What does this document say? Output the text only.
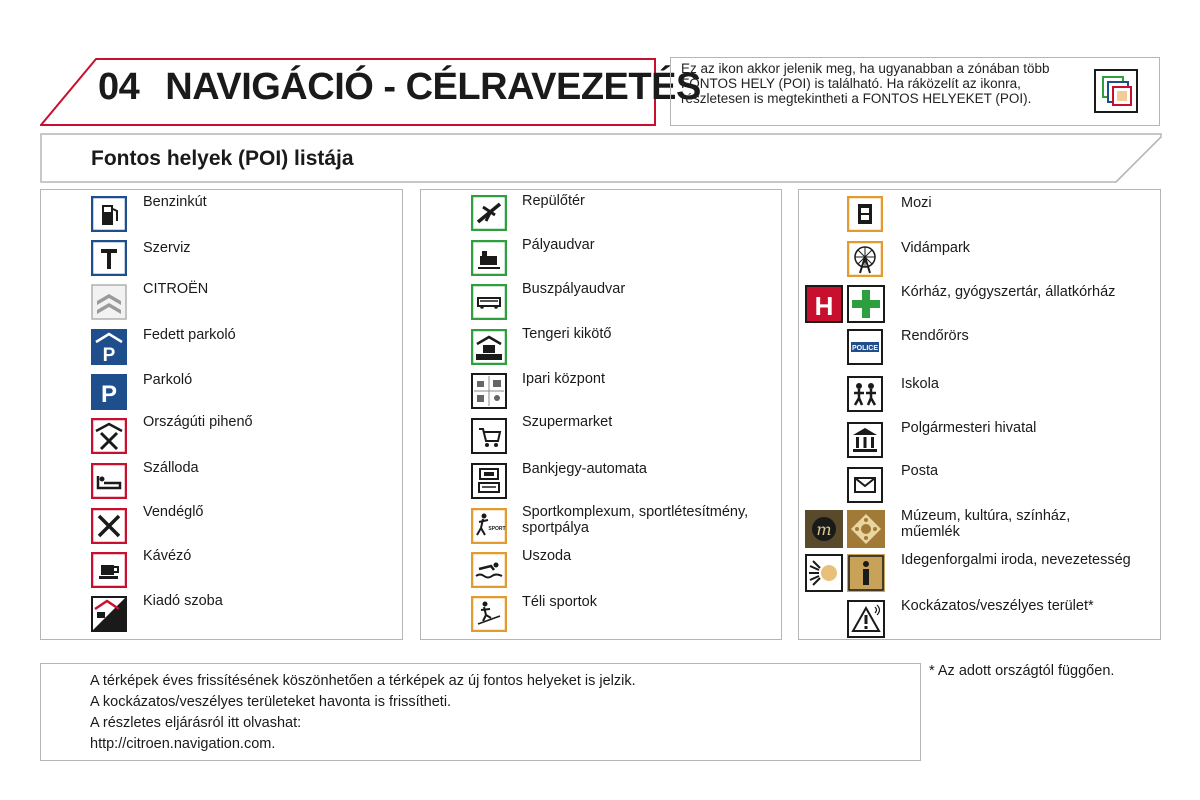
04 NAVIGÁCIÓ - CÉLRAVEZETÉS
Ez az ikon akkor jelenik meg, ha ugyanabban a zónában több FONTOS HELY (POI) is található. Ha ráközelít az ikonra, részletesen is megtekintheti a FONTOS HELYEKET (POI).
Fontos helyek (POI) listája
Benzinkút
Szerviz
CITROËN
P
Fedett parkoló
P
Parkoló
Országúti pihenő
Szálloda
Vendéglő
Kávézó
Kiadó szoba
Repülőtér
Pályaudvar
Buszpályaudvar
Tengeri kikötő
Ipari központ
Szupermarket
Bankjegy-automata
SPORT
Sportkomplexum, sportlétesítmény, sportpálya
Uszoda
Téli sportok
Mozi
Vidámpark
H	Kórház, gyógyszertár, állatkórház
POLICE
Rendőrörs
Iskola
Polgármesteri hivatal
Posta
m
Múzeum, kultúra, színház, műemlék
Idegenforgalmi iroda, nevezetesség
Kockázatos/veszélyes terület*
A térképek éves frissítésének köszönhetően a térképek az új fontos helyeket is jelzik.
A kockázatos/veszélyes területeket havonta is frissítheti.
A részletes eljárásról itt olvashat:
http://citroen.navigation.com.
* Az adott országtól függően.
